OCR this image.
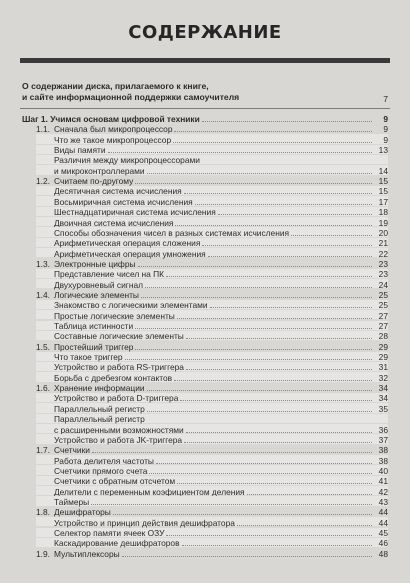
СОДЕРЖАНИЕ
О содержании диска, прилагаемого к книге,
и сайте информационной поддержки самоучителя	7
Шаг 1. Учимся основам цифровой техники	9
1.1. Сначала был микропроцессор	9
Что же такое микропроцессор	9
Виды памяти	13
Различия между микропроцессорами
и микроконтроллерами	14
1.2. Считаем по-другому	15
Десятичная система исчисления	15
Восьмиричная система исчисления	17
Шестнадцатиричная система исчисления	18
Двоичная система исчисления	19
Способы обозначения чисел в разных системах исчисления	20
Арифметическая операция сложения	21
Арифметическая операция умножения	22
1.3. Электронные цифры	23
Представление чисел на ПК	23
Двухуровневый сигнал	24
1.4. Логические элементы	25
Знакомство с логическими элементами	25
Простые логические элементы	27
Таблица истинности	27
Составные логические элементы	28
1.5. Простейший триггер	29
Что такое триггер	29
Устройство и работа RS-триггера	31
Борьба с дребезгом контактов	32
1.6. Хранение информации	34
Устройство и работа D-триггера	34
Параллельный регистр	35
Параллельный регистр
с расширенными возможностями	36
Устройство и работа JK-триггера	37
1.7. Счетчики	38
Работа делителя частоты	38
Счетчики прямого счета	40
Счетчики с обратным отсчетом	41
Делители с переменным коэфициентом деления	42
Таймеры	43
1.8. Дешифраторы	44
Устройство и принцип действия дешифратора	44
Селектор памяти ячеек ОЗУ	45
Каскадирование дешифраторов	46
1.9. Мультиплексоры	48
